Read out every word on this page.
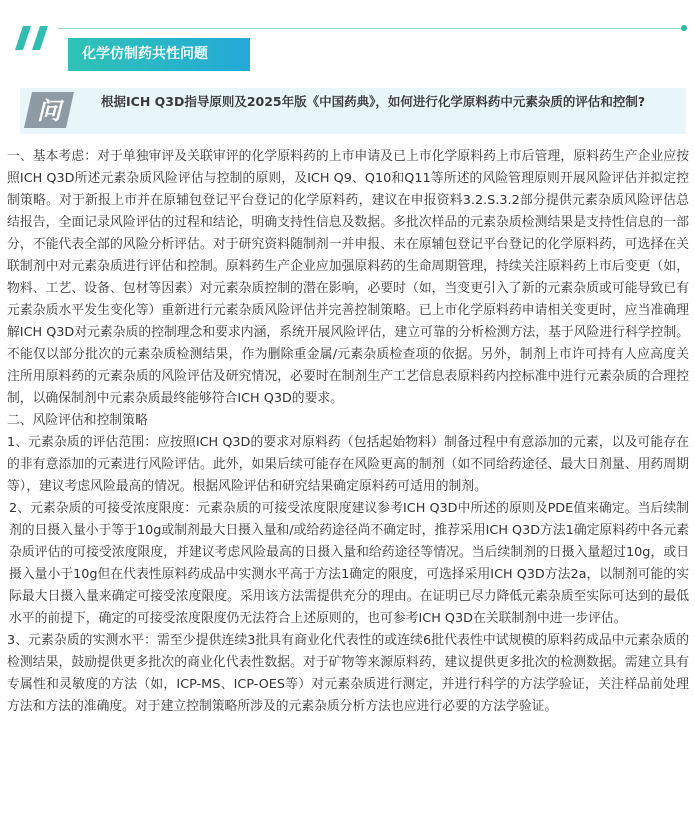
化学仿制药共性问题
问	根据ICH Q3D指导原则及2025年版《中国药典》，如何进行化学原料药中元素杂质的评估和控制?

一、基本考虑：对于单独审评及关联审评的化学原料药的上市申请及已上市化学原料药上市后管理，原料药生产企业应按照ICH Q3D所述元素杂质风险评估与控制的原则，及ICH Q9、Q10和Q11等所述的风险管理原则开展风险评估并拟定控制策略。对于新报上市并在原辅包登记平台登记的化学原料药，建议在申报资料3.2.S.3.2部分提供元素杂质风险评估总结报告，全面记录风险评估的过程和结论，明确支持性信息及数据。多批次样品的元素杂质检测结果是支持性信息的一部分，不能代表全部的风险分析评估。对于研究资料随制剂一并申报、未在原辅包登记平台登记的化学原料药，可选择在关联制剂中对元素杂质进行评估和控制。原料药生产企业应加强原料药的生命周期管理，持续关注原料药上市后变更（如，物料、工艺、设备、包材等因素）对元素杂质控制的潜在影响，必要时（如，当变更引入了新的元素杂质或可能导致已有元素杂质水平发生变化等）重新进行元素杂质风险评估并完善控制策略。已上市化学原料药申请相关变更时，应当准确理解ICH Q3D对元素杂质的控制理念和要求内涵，系统开展风险评估，建立可靠的分析检测方法，基于风险进行科学控制。不能仅以部分批次的元素杂质检测结果，作为删除重金属/元素杂质检查项的依据。另外，制剂上市许可持有人应高度关注所用原料药的元素杂质的风险评估及研究情况，必要时在制剂生产工艺信息表原料药内控标准中进行元素杂质的合理控制，以确保制剂中元素杂质最终能够符合ICH Q3D的要求。

二、风险评估和控制策略

1、元素杂质的评估范围：应按照ICH Q3D的要求对原料药（包括起始物料）制备过程中有意添加的元素，以及可能存在的非有意添加的元素进行风险评估。此外，如果后续可能存在风险更高的制剂（如不同给药途径、最大日剂量、用药周期等），建议考虑风险最高的情况。根据风险评估和研究结果确定原料药可适用的制剂。

2、元素杂质的可接受浓度限度：元素杂质的可接受浓度限度建议参考ICH Q3D中所述的原则及PDE值来确定。当后续制剂的日摄入量小于等于10g或制剂最大日摄入量和/或给药途径尚不确定时，推荐采用ICH Q3D方法1确定原料药中各元素杂质评估的可接受浓度限度，并建议考虑风险最高的日摄入量和给药途径等情况。当后续制剂的日摄入量超过10g，或日摄入量小于10g但在代表性原料药成品中实测水平高于方法1确定的限度，可选择采用ICH Q3D方法2a，以制剂可能的实际最大日摄入量来确定可接受浓度限度。采用该方法需提供充分的理由。在证明已尽力降低元素杂质至实际可达到的最低水平的前提下，确定的可接受浓度限度仍无法符合上述原则的，也可参考ICH Q3D在关联制剂中进一步评估。

3、元素杂质的实测水平：需至少提供连续3批具有商业化代表性的或连续6批代表性中试规模的原料药成品中元素杂质的检测结果，鼓励提供更多批次的商业化代表性数据。对于矿物等来源原料药，建议提供更多批次的检测数据。需建立具有专属性和灵敏度的方法（如，ICP-MS、ICP-OES等）对元素杂质进行测定，并进行科学的方法学验证，关注样品前处理方法和方法的准确度。对于建立控制策略所涉及的元素杂质分析方法也应进行必要的方法学验证。
